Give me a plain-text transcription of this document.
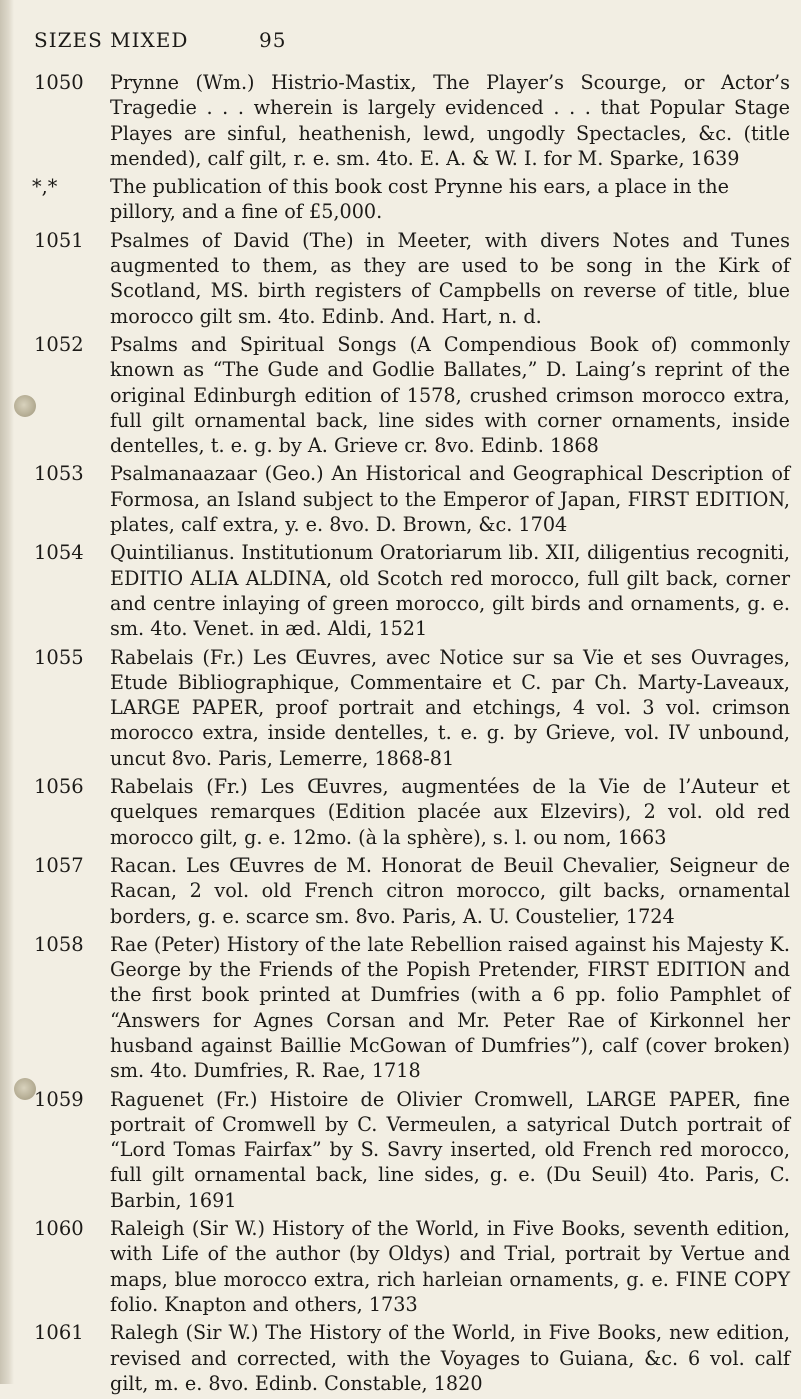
SIZES MIXED	95
1050 Prynne (Wm.) Histrio-Mastix, The Player’s Scourge, or Actor’s Tragedie . . . wherein is largely evidenced . . . that Popular Stage Playes are sinful, heathenish, lewd, ungodly Spectacles, &c. (title mended), calf gilt, r. e. sm. 4to. E. A. & W. I. for M. Sparke, 1639
*,*	The publication of this book cost Prynne his ears, a place in the pillory, and a fine of £5,000.
1051 Psalmes of David (The) in Meeter, with divers Notes and Tunes augmented to them, as they are used to be song in the Kirk of Scotland, MS. birth registers of Campbells on reverse of title, blue morocco gilt sm. 4to. Edinb. And. Hart, n. d.
1052 Psalms and Spiritual Songs (A Compendious Book of) commonly known as “The Gude and Godlie Ballates,” D. Laing’s reprint of the original Edinburgh edition of 1578, crushed crimson morocco extra, full gilt ornamental back, line sides with corner ornaments, inside dentelles, t. e. g. by A. Grieve cr. 8vo. Edinb. 1868
1053 Psalmanaazaar (Geo.) An Historical and Geographical Description of Formosa, an Island subject to the Emperor of Japan, FIRST EDITION, plates, calf extra, y. e. 8vo. D. Brown, &c. 1704
1054 Quintilianus. Institutionum Oratoriarum lib. XII, diligentius recogniti, EDITIO ALIA ALDINA, old Scotch red morocco, full gilt back, corner and centre inlaying of green morocco, gilt birds and ornaments, g. e. sm. 4to. Venet. in æd. Aldi, 1521
1055 Rabelais (Fr.) Les Œuvres, avec Notice sur sa Vie et ses Ouvrages, Etude Bibliographique, Commentaire et C. par Ch. Marty-Laveaux, LARGE PAPER, proof portrait and etchings, 4 vol. 3 vol. crimson morocco extra, inside dentelles, t. e. g. by Grieve, vol. IV unbound, uncut 8vo. Paris, Lemerre, 1868-81
1056 Rabelais (Fr.) Les Œuvres, augmentées de la Vie de l’Auteur et quelques remarques (Edition placée aux Elzevirs), 2 vol. old red morocco gilt, g. e. 12mo. (à la sphère), s. l. ou nom, 1663
1057 Racan. Les Œuvres de M. Honorat de Beuil Chevalier, Seigneur de Racan, 2 vol. old French citron morocco, gilt backs, ornamental borders, g. e. scarce sm. 8vo. Paris, A. U. Coustelier, 1724
1058 Rae (Peter) History of the late Rebellion raised against his Majesty K. George by the Friends of the Popish Pretender, FIRST EDITION and the first book printed at Dumfries (with a 6 pp. folio Pamphlet of “Answers for Agnes Corsan and Mr. Peter Rae of Kirkonnel her husband against Baillie McGowan of Dumfries”), calf (cover broken) sm. 4to. Dumfries, R. Rae, 1718
1059 Raguenet (Fr.) Histoire de Olivier Cromwell, LARGE PAPER, fine portrait of Cromwell by C. Vermeulen, a satyrical Dutch portrait of “Lord Tomas Fairfax” by S. Savry inserted, old French red morocco, full gilt ornamental back, line sides, g. e. (Du Seuil) 4to. Paris, C. Barbin, 1691
1060 Raleigh (Sir W.) History of the World, in Five Books, seventh edition, with Life of the author (by Oldys) and Trial, portrait by Vertue and maps, blue morocco extra, rich harleian ornaments, g. e. FINE COPY folio. Knapton and others, 1733
1061 Ralegh (Sir W.) The History of the World, in Five Books, new edition, revised and corrected, with the Voyages to Guiana, &c. 6 vol. calf gilt, m. e. 8vo. Edinb. Constable, 1820
